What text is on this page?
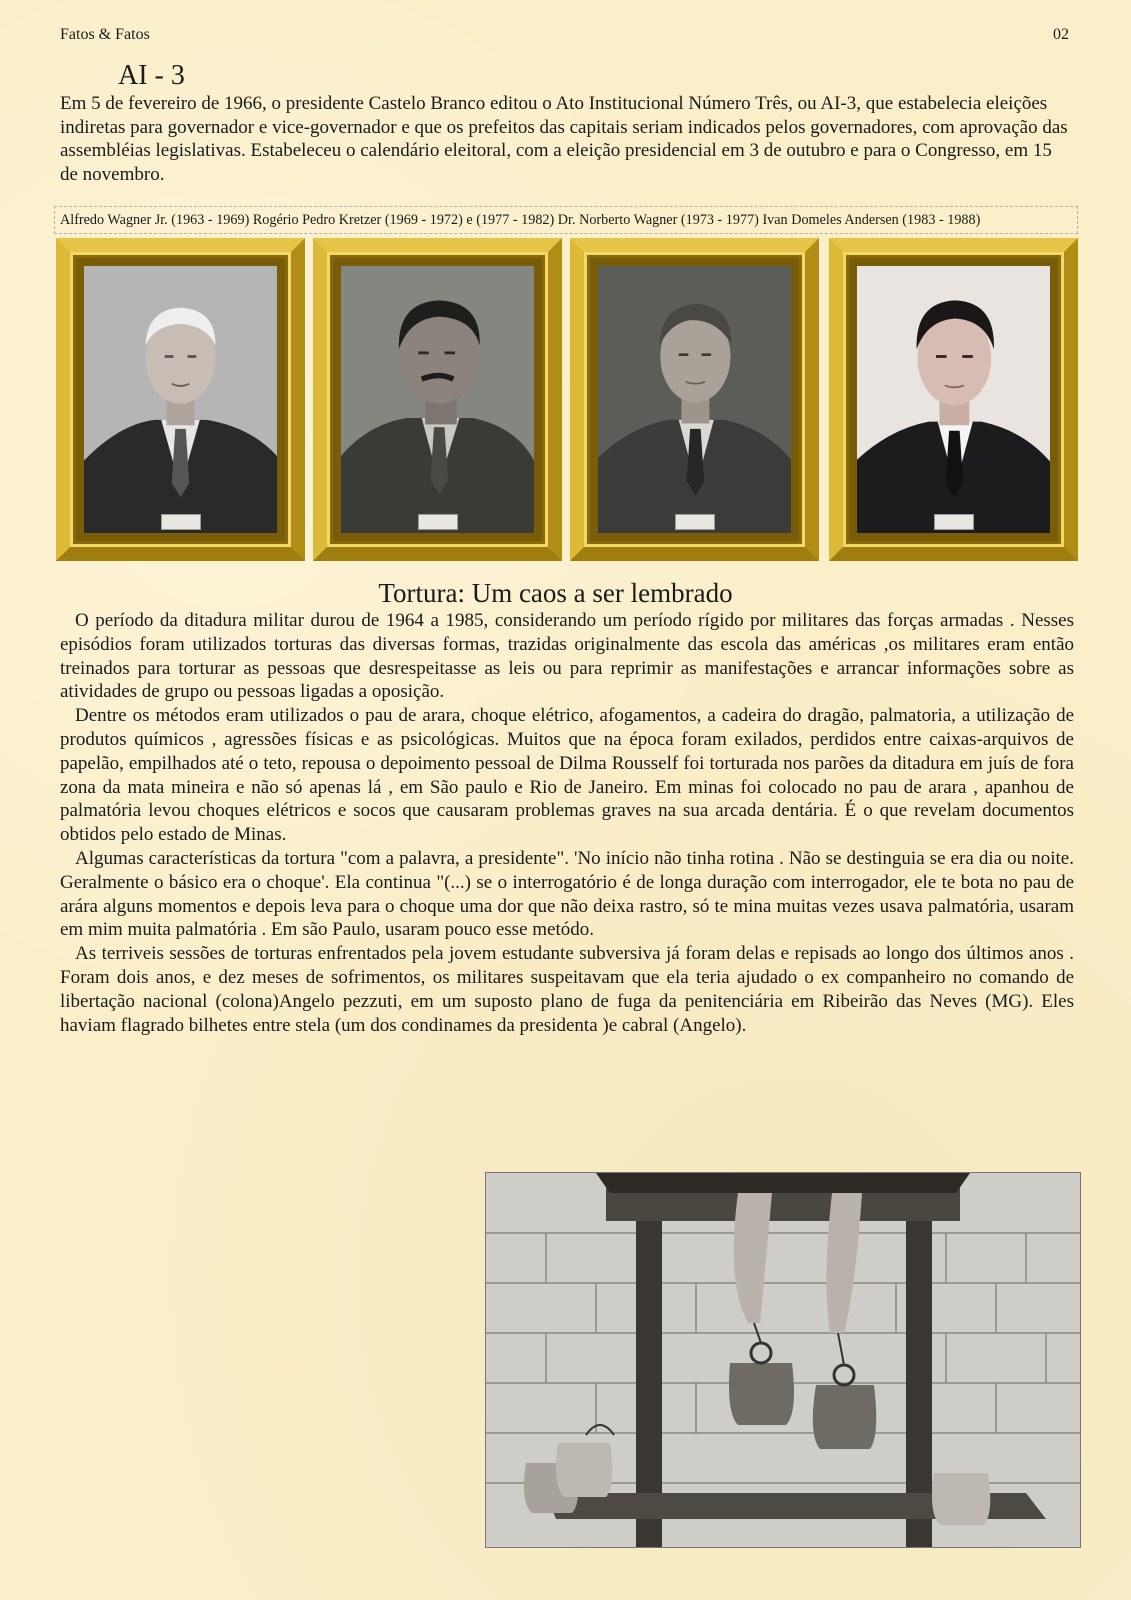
Fatos & Fatos	02
AI - 3

Em 5 de fevereiro de 1966, o presidente Castelo Branco editou o Ato Institucional Número Três, ou AI-3, que estabelecia eleições indiretas para governador e vice-governador e que os prefeitos das capitais seriam indicados pelos governadores, com aprovação das assembléias legislativas. Estabeleceu o calendário eleitoral, com a eleição presidencial em 3 de outubro e para o Congresso, em 15 de novembro.

Alfredo Wagner Jr. (1963 - 1969) Rogério Pedro Kretzer (1969 - 1972) e (1977 - 1982) Dr. Norberto Wagner (1973 - 1977) Ivan Domeles Andersen (1983 - 1988)
Tortura: Um caos a ser lembrado

O período da ditadura militar durou de 1964 a 1985, considerando um período rígido por militares das forças armadas . Nesses episódios foram utilizados torturas das diversas formas, trazidas originalmente das escola das américas ,os militares eram então treinados para torturar as pessoas que desrespeitasse as leis ou para reprimir as manifestações e arrancar informações sobre as atividades de grupo ou pessoas ligadas a oposição.

Dentre os métodos eram utilizados o pau de arara, choque elétrico, afogamentos, a cadeira do dragão, palmatoria, a utilização de produtos químicos , agressões físicas e as psicológicas. Muitos que na época foram exilados, perdidos entre caixas-arquivos de papelão, empilhados até o teto, repousa o depoimento pessoal de Dilma Rousself foi torturada nos parões da ditadura em juís de fora zona da mata mineira e não só apenas lá , em São paulo e Rio de Janeiro. Em minas foi colocado no pau de arara , apanhou de palmatória levou choques elétricos e socos que causaram problemas graves na sua arcada dentária. É o que revelam documentos obtidos pelo estado de Minas.

Algumas características da tortura "com a palavra, a presidente". 'No início não tinha rotina . Não se destinguia se era dia ou noite. Geralmente o básico era o choque'. Ela continua "(...) se o interrogatório é de longa duração com interrogador, ele te bota no pau de arára alguns momentos e depois leva para o choque uma dor que não deixa rastro, só te mina muitas vezes usava palmatória, usaram em mim muita palmatória . Em são Paulo, usaram pouco esse metódo.

As terriveis sessões de torturas enfrentados pela jovem estudante subversiva já foram delas e repisads ao longo dos últimos anos . Foram dois anos, e dez meses de sofrimentos, os militares suspeitavam que ela teria ajudado o ex companheiro no comando de libertação nacional (colona)Angelo pezzuti, em um suposto plano de fuga da penitenciária em Ribeirão das Neves (MG). Eles haviam flagrado bilhetes entre stela (um dos condinames da presidenta )e cabral (Angelo).
